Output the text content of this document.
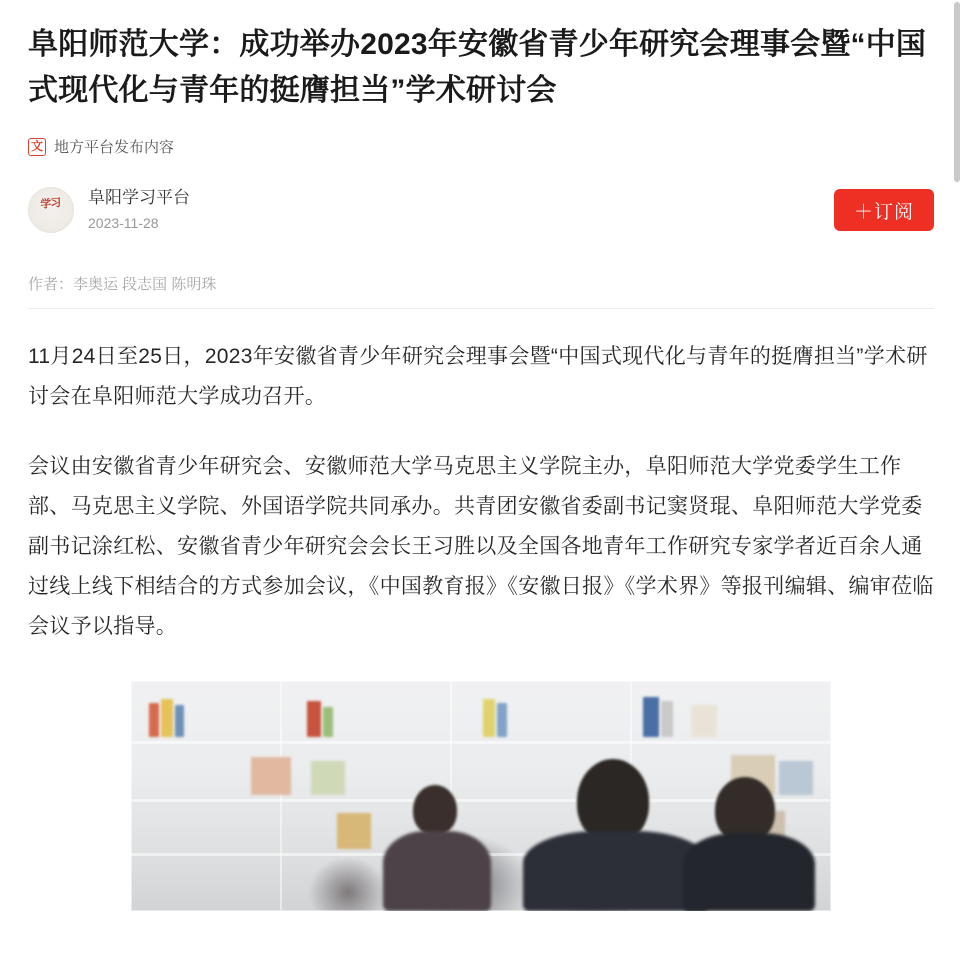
阜阳师范大学：成功举办2023年安徽省青少年研究会理事会暨“中国式现代化与青年的挺膺担当”学术研讨会
文 地方平台发布内容
学习	阜阳学习平台
2023-11-28
＋订阅
作者：李奥运 段志国 陈明珠

11月24日至25日，2023年安徽省青少年研究会理事会暨“中国式现代化与青年的挺膺担当”学术研讨会在阜阳师范大学成功召开。

会议由安徽省青少年研究会、安徽师范大学马克思主义学院主办，阜阳师范大学党委学生工作部、马克思主义学院、外国语学院共同承办。共青团安徽省委副书记窦贤琨、阜阳师范大学党委副书记涂红松、安徽省青少年研究会会长王习胜以及全国各地青年工作研究专家学者近百余人通过线上线下相结合的方式参加会议，《中国教育报》《安徽日报》《学术界》等报刊编辑、编审莅临会议予以指导。
